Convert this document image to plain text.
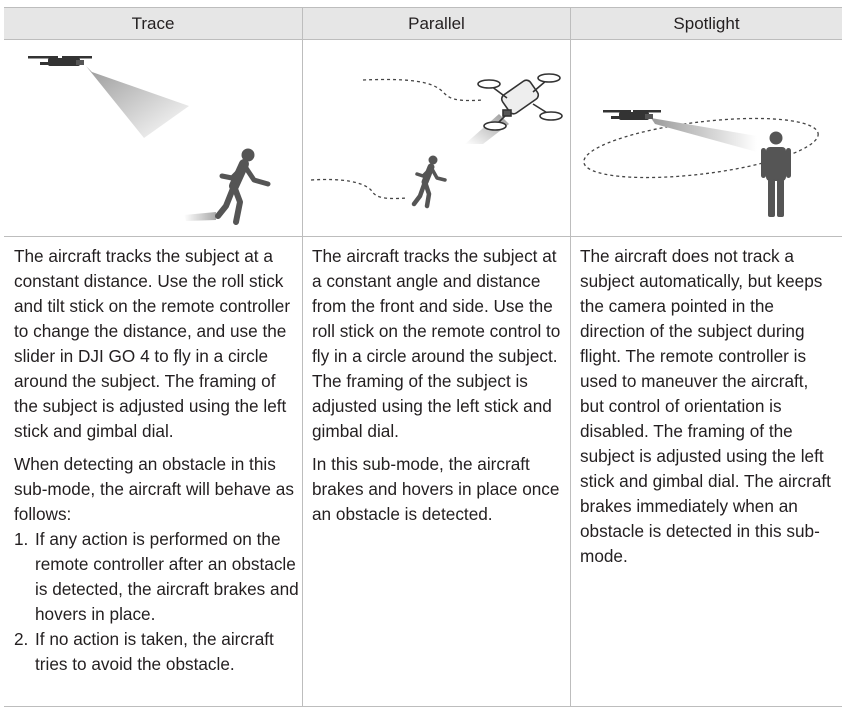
Trace	Parallel	Spotlight

The aircraft tracks the subject at a constant distance. Use the roll stick and tilt stick on the remote controller to change the distance, and use the slider in DJI GO 4 to fly in a circle around the subject. The framing of the subject is adjusted using the left stick and gimbal dial.

When detecting an obstacle in this sub-mode, the aircraft will behave as follows:

1. If any action is performed on the remote controller after an obstacle is detected, the aircraft brakes and hovers in place.
2. If no action is taken, the aircraft tries to avoid the obstacle.

The aircraft tracks the subject at a constant angle and distance from the front and side. Use the roll stick on the remote control to fly in a circle around the subject. The framing of the subject is adjusted using the left stick and gimbal dial.

In this sub-mode, the aircraft brakes and hovers in place once an obstacle is detected.

The aircraft does not track a subject automatically, but keeps the camera pointed in the direction of the subject during flight. The remote controller is used to maneuver the aircraft, but control of orientation is disabled. The framing of the subject is adjusted using the left stick and gimbal dial. The aircraft brakes immediately when an obstacle is detected in this sub-mode.
